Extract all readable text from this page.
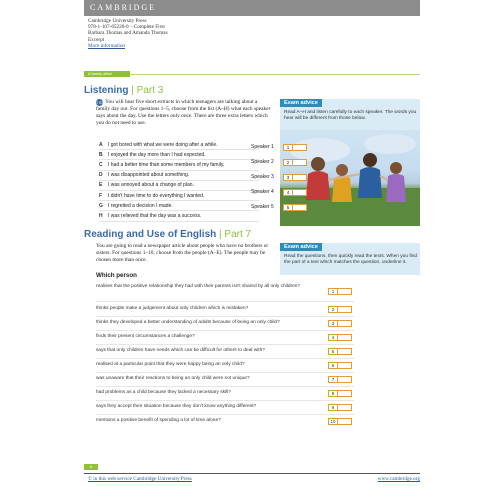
CAMBRIDGE
Cambridge University Press
978-1-107-65220-0 – Complete First
Barbara Thomas and Amanda Thomas
Excerpt
More information
A family affair
Listening | Part 3
1 02 You will hear five short extracts in which teenagers are talking about a family day out. For questions 1–5, choose from the list (A–H) what each speaker says about the day. Use the letters only once. There are three extra letters which you do not need to use.
A	I got bored with what we were doing after a while.
B	I enjoyed the day more than I had expected.
C	I had a better time than some members of my family.
D	I was disappointed about something.
E	I was annoyed about a change of plan.
F	I didn't have time to do everything I wanted.
G	I regretted a decision I made.
H	I was relieved that the day was a success.
Exam advice
Read A–H and listen carefully to each speaker. The words you hear will be different from those below.
Speaker 1	1
Speaker 2	2
Speaker 3	3
Speaker 4	4
Speaker 5	5
Reading and Use of English | Part 7
You are going to read a newspaper article about people who have no brothers or sisters. For questions 1–10, choose from the people (A–E). The people may be chosen more than once.
Exam advice
Read the questions, then quickly read the texts. When you find the part of a text which matches the question, underline it.
Which person
realises that the positive relationship they had with their parents isn't shared by all only children?
1
thinks people make a judgement about only children which is mistaken?	2
thinks they developed a better understanding of adults because of being an only child?	3
finds their present circumstances a challenge?	4
says that only children have needs which can be difficult for others to deal with?	5
realised at a particular point that they were happy being an only child?	6
was unaware that their reactions to being an only child were not unique?	7
had problems as a child because they lacked a necessary skill?	8
says they accept their situation because they don't know anything different?	9
mentions a positive benefit of spending a lot of time alone?	10
8
© in this web service Cambridge University Press	www.cambridge.org
